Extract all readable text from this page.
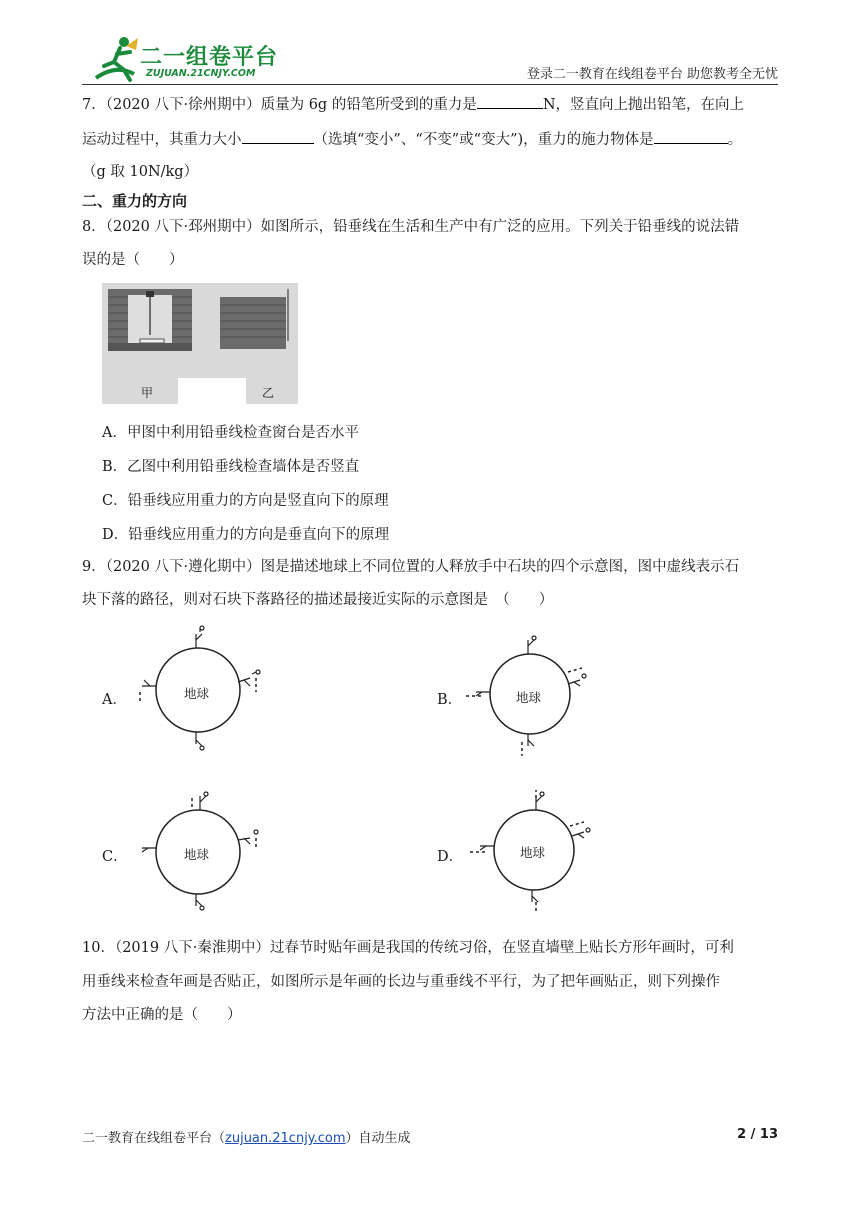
二一组卷平台
ZUJUAN.21CNJY.COM	登录二一教育在线组卷平台 助您教考全无忧
7．（2020 八下·徐州期中）质量为 6g 的铅笔所受到的重力是	N，竖直向上抛出铅笔，在向上
运动过程中，其重力大小	（选填“变小”、“不变”或“变大”)，重力的施力物体是	。
（g 取 10N/kg）
二、重力的方向
8．（2020 八下·邳州期中）如图所示，铅垂线在生活和生产中有广泛的应用。下列关于铅垂线的说法错
误的是（　　）
甲	乙
A．甲图中利用铅垂线检查窗台是否水平
B．乙图中利用铅垂线检查墙体是否竖直
C．铅垂线应用重力的方向是竖直向下的原理
D．铅垂线应用重力的方向是垂直向下的原理
9．（2020 八下·遵化期中）图是描述地球上不同位置的人释放手中石块的四个示意图，图中虚线表示石
块下落的路径，则对石块下落路径的描述最接近实际的示意图是　（　　）
A．	地球	B．	地球
C．	地球	D．	地球
10．（2019 八下·秦淮期中）过春节时贴年画是我国的传统习俗，在竖直墙壁上贴长方形年画时，可利
用垂线来检查年画是否贴正，如图所示是年画的长边与重垂线不平行，为了把年画贴正，则下列操作
方法中正确的是（　　）
二一教育在线组卷平台（zujuan.21cnjy.com）自动生成	2 / 13
